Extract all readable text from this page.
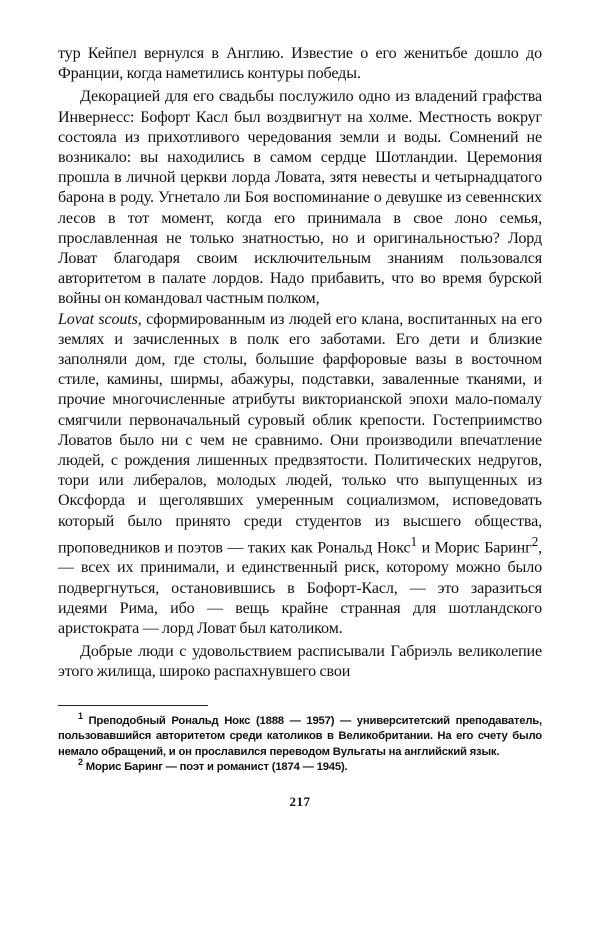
тур Кейпел вернулся в Англию. Известие о его женитьбе дошло до Франции, когда наметились контуры победы.

Декорацией для его свадьбы послужило одно из владений графства Инвернесс: Бофорт Касл был воздвигнут на холме. Местность вокруг состояла из прихотливого чередования земли и воды. Сомнений не возникало: вы находились в самом сердце Шотландии. Церемония прошла в личной церкви лорда Ловата, зятя невесты и четырнадцатого барона в роду. Угнетало ли Боя воспоминание о девушке из севеннских лесов в тот момент, когда его принимала в свое лоно семья, прославленная не только знатностью, но и оригинальностью? Лорд Ловат благодаря своим исключительным знаниям пользовался авторитетом в палате лордов. Надо прибавить, что во время бурской войны он командовал частным полком,

Lovat scouts, сформированным из людей его клана, воспитанных на его землях и зачисленных в полк его заботами. Его дети и близкие заполняли дом, где столы, большие фарфоровые вазы в восточном стиле, камины, ширмы, абажуры, подставки, заваленные тканями, и прочие многочисленные атрибуты викторианской эпохи мало-помалу смягчили первоначальный суровый облик крепости. Гостеприимство Ловатов было ни с чем не сравнимо. Они производили впечатление людей, с рождения лишенных предвзятости. Политических недругов, тори или либералов, молодых людей, только что выпущенных из Оксфорда и щеголявших умеренным социализмом, исповедовать который было принято среди студентов из высшего общества, проповедников и поэтов — таких как Рональд Нокс$^1$ и Морис Баринг$^2$, — всех их принимали, и единственный риск, которому можно было подвергнуться, остановившись в Бофорт-Касл, — это заразиться идеями Рима, ибо — вещь крайне странная для шотландского аристократа — лорд Ловат был католиком.

Добрые люди с удовольствием расписывали Габриэль великолепие этого жилища, широко распахнувшего свои

$^1$ Преподобный Рональд Нокс (1888 — 1957) — университетский преподаватель, пользовавшийся авторитетом среди католиков в Великобритании. На его счету было немало обращений, и он прославился переводом Вульгаты на английский язык.

$^2$ Морис Баринг — поэт и романист (1874 — 1945).

217
